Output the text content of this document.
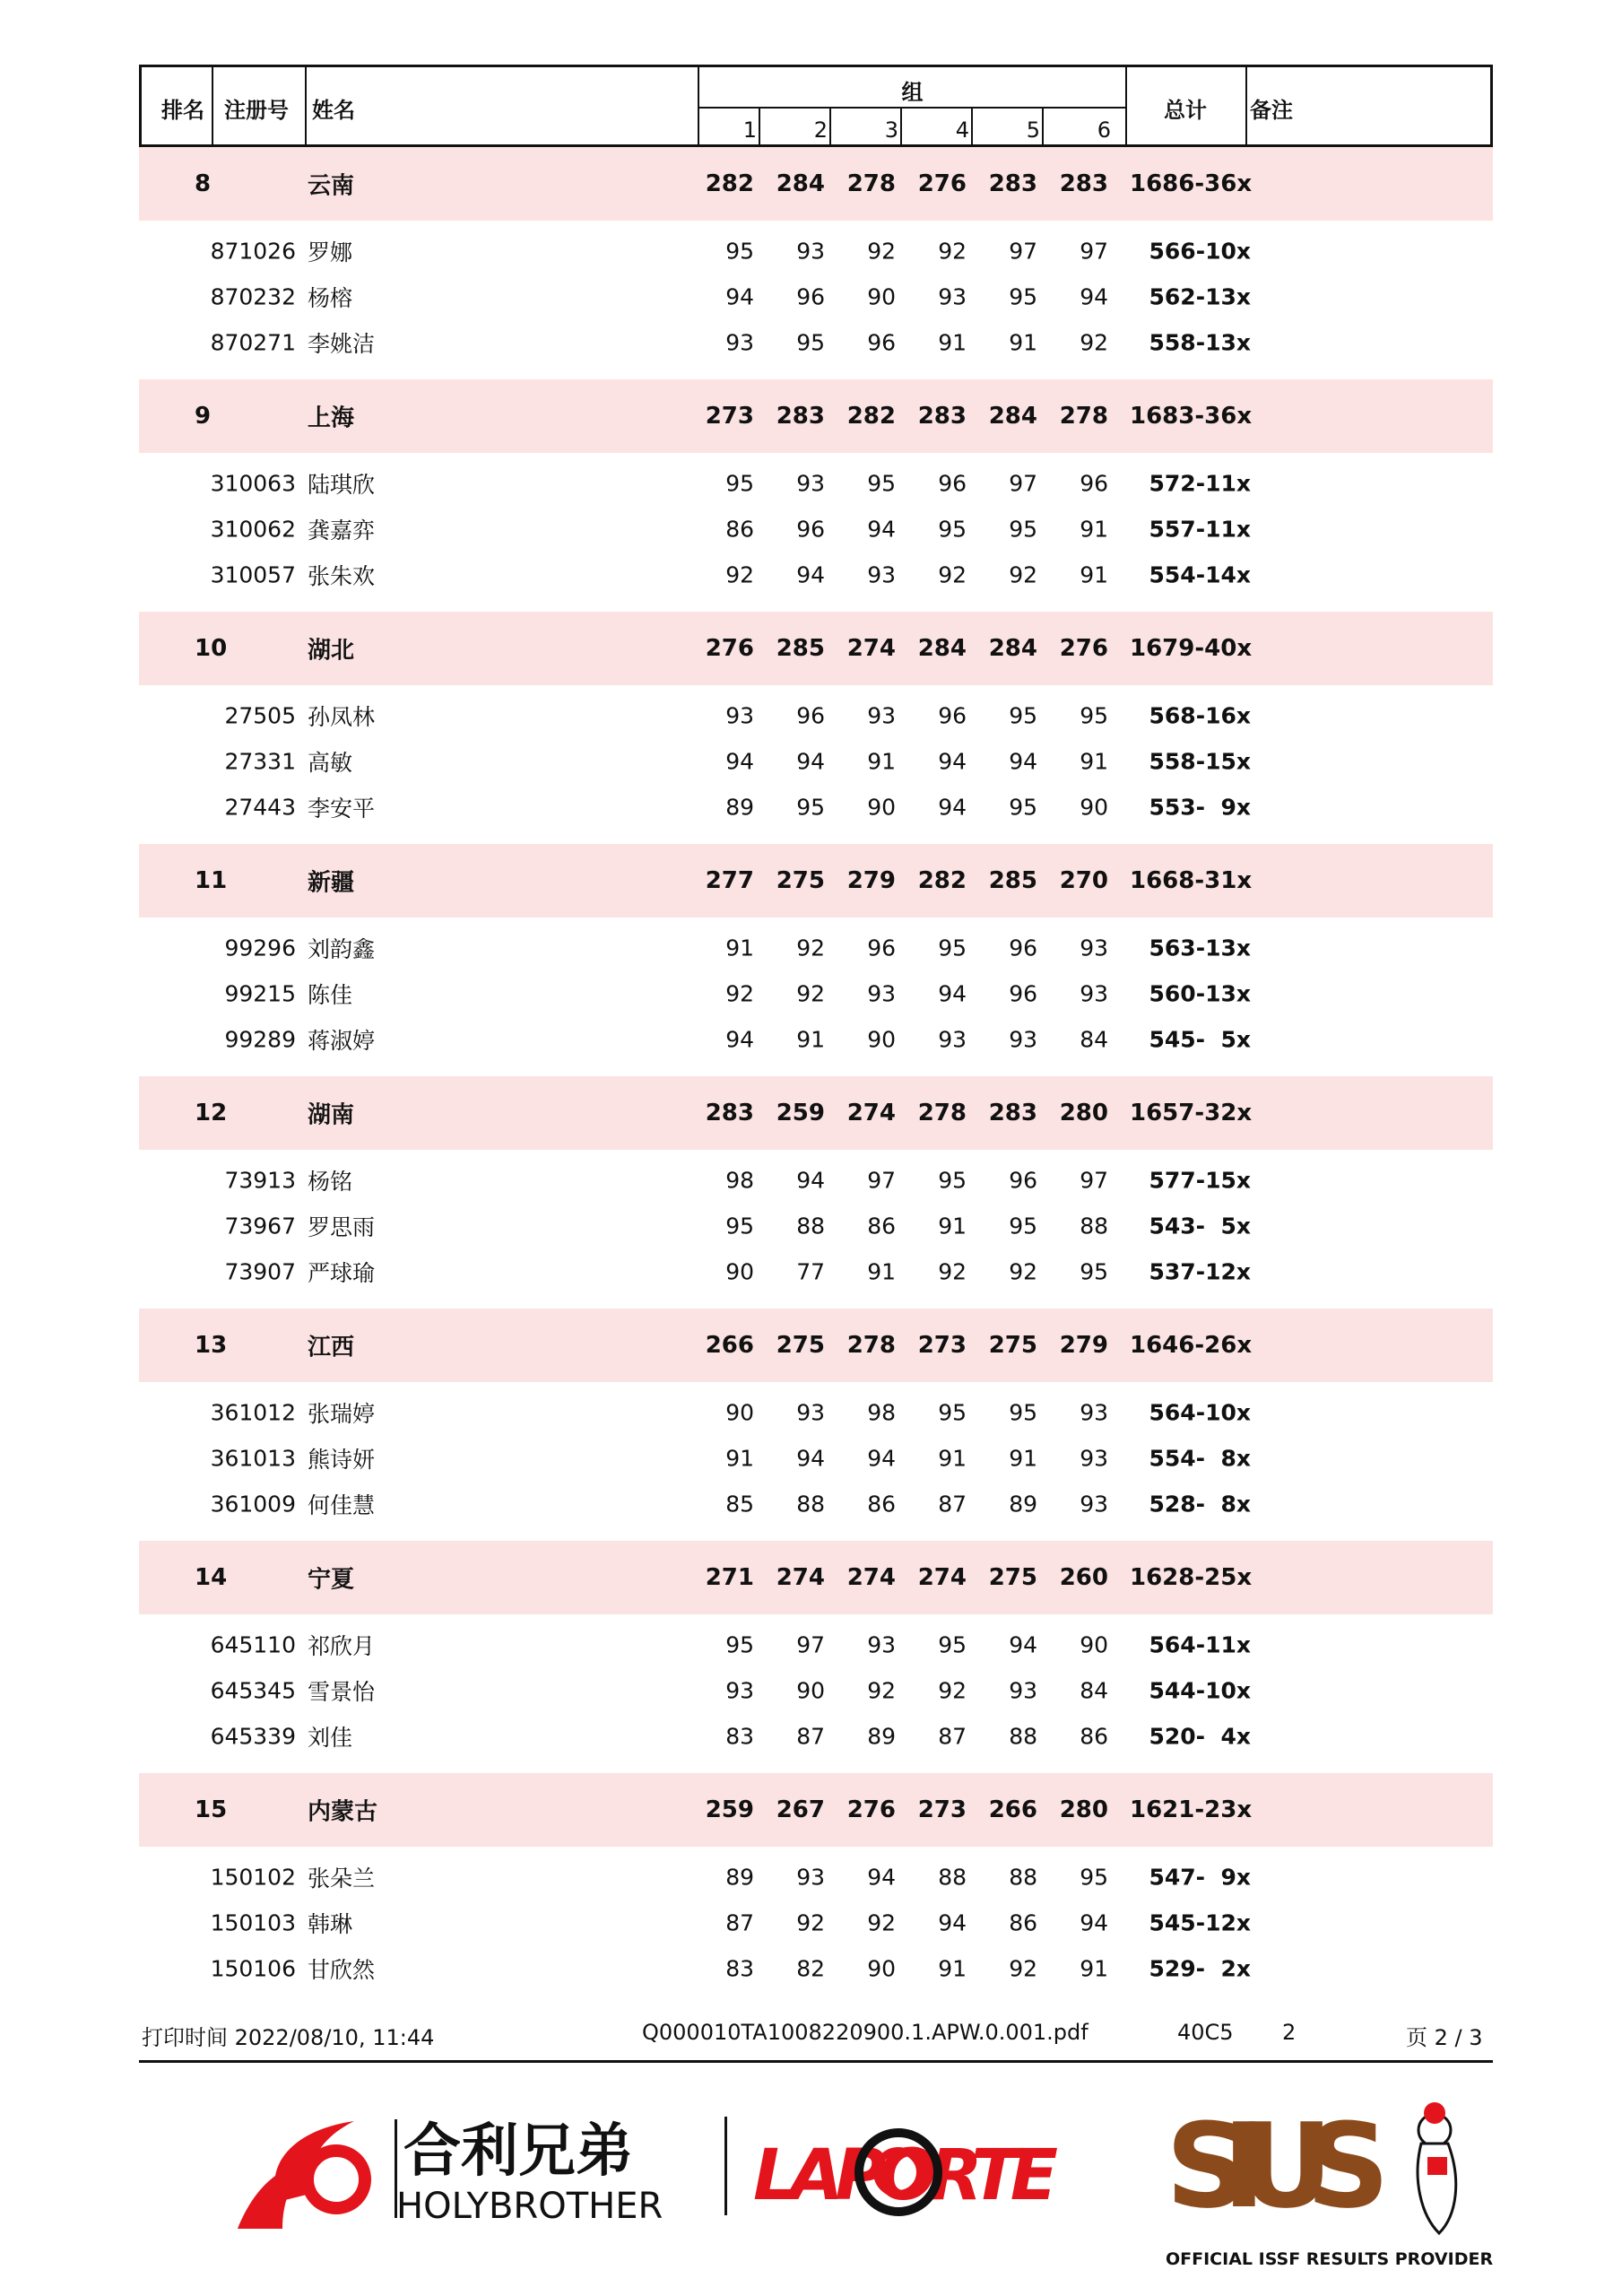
排名 注册号 姓名
组
1	2	3	4	5	6
总计 备注
8	云南	282 284 278 276 283 283 1686-36x
871026 罗娜	95	93	92	92	97	97	566-10x
870232 杨榕	94	96	90	93	95	94	562-13x
870271 李姚洁	93	95	96	91	91	92	558-13x
9	上海	273 283 282 283 284 278 1683-36x
310063 陆琪欣	95	93	95	96	97	96	572-11x
310062 龚嘉弈	86	96	94	95	95	91	557-11x
310057 张朱欢	92	94	93	92	92	91	554-14x
10	湖北	276 285 274 284 284 276 1679-40x
27505 孙凤林	93	96	93	96	95	95	568-16x
27331 高敏	94	94	91	94	94	91	558-15x
27443 李安平	89	95	90	94	95	90	553-  9x
11	新疆	277 275 279 282 285 270 1668-31x
99296 刘韵鑫	91	92	96	95	96	93	563-13x
99215 陈佳	92	92	93	94	96	93	560-13x
99289 蒋淑婷	94	91	90	93	93	84	545-  5x
12	湖南	283 259 274 278 283 280 1657-32x
73913 杨铭	98	94	97	95	96	97	577-15x
73967 罗思雨	95	88	86	91	95	88	543-  5x
73907 严球瑜	90	77	91	92	92	95	537-12x
13	江西	266 275 278 273 275 279 1646-26x
361012 张瑞婷	90	93	98	95	95	93	564-10x
361013 熊诗妍	91	94	94	91	91	93	554-  8x
361009 何佳慧	85	88	86	87	89	93	528-  8x
14	宁夏	271 274 274 274 275 260 1628-25x
645110 祁欣月	95	97	93	95	94	90	564-11x
645345 雪景怡	93	90	92	92	93	84	544-10x
645339 刘佳	83	87	89	87	88	86	520-  4x
15	内蒙古	259 267 276 273 266 280 1621-23x
150102 张朵兰	89	93	94	88	88	95	547-  9x
150103 韩琳	87	92	92	94	86	94	545-12x
150106 甘欣然	83	82	90	91	92	91	529-  2x
打印时间 2022/08/10, 11:44	Q000010TA1008220900.1.APW.0.001.pdf	40C5 2	页 2 / 3
合利兄弟
HOLYBROTHER LAPORTE SIUS
OFFICIAL ISSF RESULTS PROVIDER
